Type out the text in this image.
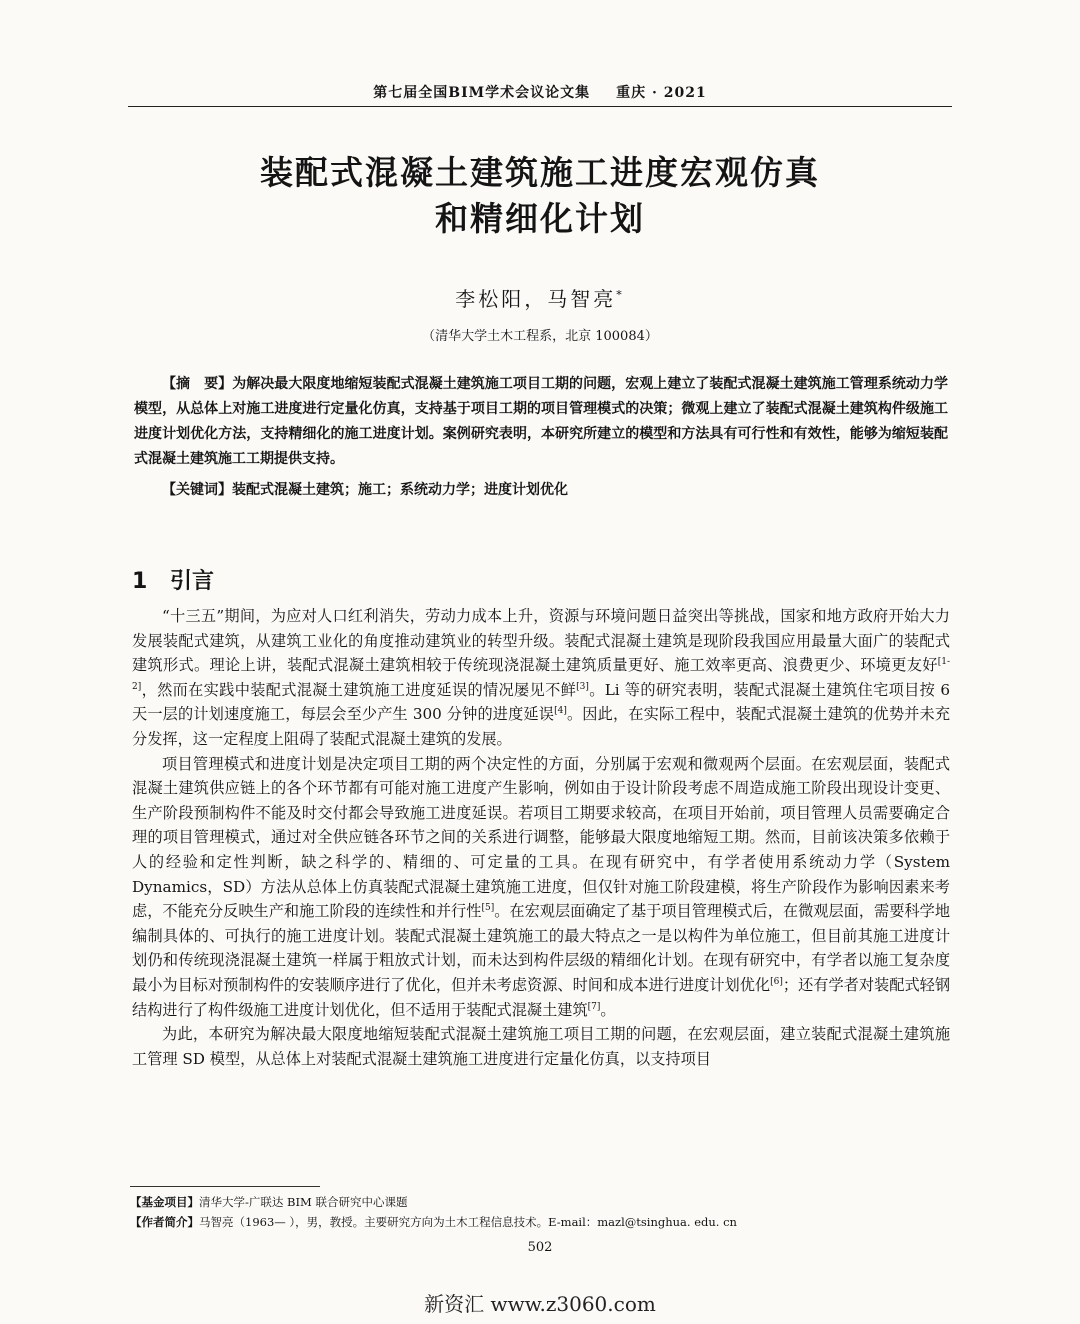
第七届全国BIM学术会议论文集 重庆 · 2021
装配式混凝土建筑施工进度宏观仿真
和精细化计划
李松阳，马智亮*
（清华大学土木工程系，北京 100084）

【摘　要】为解决最大限度地缩短装配式混凝土建筑施工项目工期的问题，宏观上建立了装配式混凝土建筑施工管理系统动力学模型，从总体上对施工进度进行定量化仿真，支持基于项目工期的项目管理模式的决策；微观上建立了装配式混凝土建筑构件级施工进度计划优化方法，支持精细化的施工进度计划。案例研究表明，本研究所建立的模型和方法具有可行性和有效性，能够为缩短装配式混凝土建筑施工工期提供支持。

【关键词】装配式混凝土建筑；施工；系统动力学；进度计划优化

1 引言

“十三五”期间，为应对人口红利消失，劳动力成本上升，资源与环境问题日益突出等挑战，国家和地方政府开始大力发展装配式建筑，从建筑工业化的角度推动建筑业的转型升级。装配式混凝土建筑是现阶段我国应用最量大面广的装配式建筑形式。理论上讲，装配式混凝土建筑相较于传统现浇混凝土建筑质量更好、施工效率更高、浪费更少、环境更友好[1-2]，然而在实践中装配式混凝土建筑施工进度延误的情况屡见不鲜[3]。Li 等的研究表明，装配式混凝土建筑住宅项目按 6 天一层的计划速度施工，每层会至少产生 300 分钟的进度延误[4]。因此，在实际工程中，装配式混凝土建筑的优势并未充分发挥，这一定程度上阻碍了装配式混凝土建筑的发展。

项目管理模式和进度计划是决定项目工期的两个决定性的方面，分别属于宏观和微观两个层面。在宏观层面，装配式混凝土建筑供应链上的各个环节都有可能对施工进度产生影响，例如由于设计阶段考虑不周造成施工阶段出现设计变更、生产阶段预制构件不能及时交付都会导致施工进度延误。若项目工期要求较高，在项目开始前，项目管理人员需要确定合理的项目管理模式，通过对全供应链各环节之间的关系进行调整，能够最大限度地缩短工期。然而，目前该决策多依赖于人的经验和定性判断，缺之科学的、精细的、可定量的工具。在现有研究中，有学者使用系统动力学（System Dynamics，SD）方法从总体上仿真装配式混凝土建筑施工进度，但仅针对施工阶段建模，将生产阶段作为影响因素来考虑，不能充分反映生产和施工阶段的连续性和并行性[5]。在宏观层面确定了基于项目管理模式后，在微观层面，需要科学地编制具体的、可执行的施工进度计划。装配式混凝土建筑施工的最大特点之一是以构件为单位施工，但目前其施工进度计划仍和传统现浇混凝土建筑一样属于粗放式计划，而未达到构件层级的精细化计划。在现有研究中，有学者以施工复杂度最小为目标对预制构件的安装顺序进行了优化，但并未考虑资源、时间和成本进行进度计划优化[6]；还有学者对装配式轻钢结构进行了构件级施工进度计划优化，但不适用于装配式混凝土建筑[7]。

为此，本研究为解决最大限度地缩短装配式混凝土建筑施工项目工期的问题，在宏观层面，建立装配式混凝土建筑施工管理 SD 模型，从总体上对装配式混凝土建筑施工进度进行定量化仿真，以支持项目

【基金项目】清华大学-广联达 BIM 联合研究中心课题
【作者简介】马智亮（1963— ），男，教授。主要研究方向为土木工程信息技术。E-mail：mazl@tsinghua. edu. cn
502
新资汇 www.z3060.com
